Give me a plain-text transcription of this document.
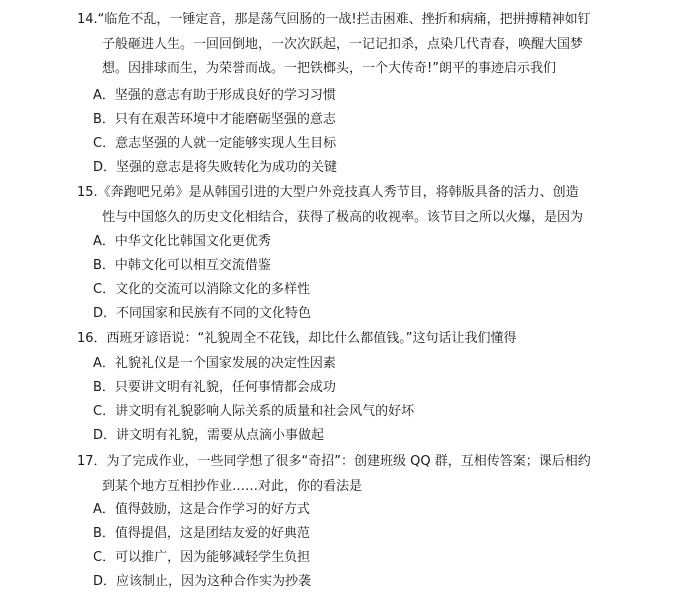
14.“临危不乱，一锤定音，那是荡气回肠的一战!拦击困难、挫折和病痛，把拼搏精神如钉
子般砸进人生。一回回倒地，一次次跃起，一记记扣杀，点染几代青春，唤醒大国梦
想。因排球而生，为荣誉而战。一把铁榔头，一个大传奇!”朗平的事迹启示我们
A．坚强的意志有助于形成良好的学习习惯
B．只有在艰苦环境中才能磨砺坚强的意志
C．意志坚强的人就一定能够实现人生目标
D．坚强的意志是将失败转化为成功的关键
15.《奔跑吧兄弟》是从韩国引进的大型户外竞技真人秀节目，将韩版具备的活力、创造
性与中国悠久的历史文化相结合，获得了极高的收视率。该节目之所以火爆，是因为
A．中华文化比韩国文化更优秀
B．中韩文化可以相互交流借鉴
C．文化的交流可以消除文化的多样性
D．不同国家和民族有不同的文化特色
16．西班牙谚语说：“礼貌周全不花钱，却比什么都值钱。”这句话让我们懂得
A．礼貌礼仪是一个国家发展的决定性因素
B．只要讲文明有礼貌，任何事情都会成功
C．讲文明有礼貌影响人际关系的质量和社会风气的好坏
D．讲文明有礼貌，需要从点滴小事做起
17．为了完成作业，一些同学想了很多“奇招”：创建班级 QQ 群，互相传答案；课后相约
到某个地方互相抄作业……对此，你的看法是
A．值得鼓励，这是合作学习的好方式
B．值得提倡，这是团结友爱的好典范
C．可以推广，因为能够减轻学生负担
D．应该制止，因为这种合作实为抄袭
